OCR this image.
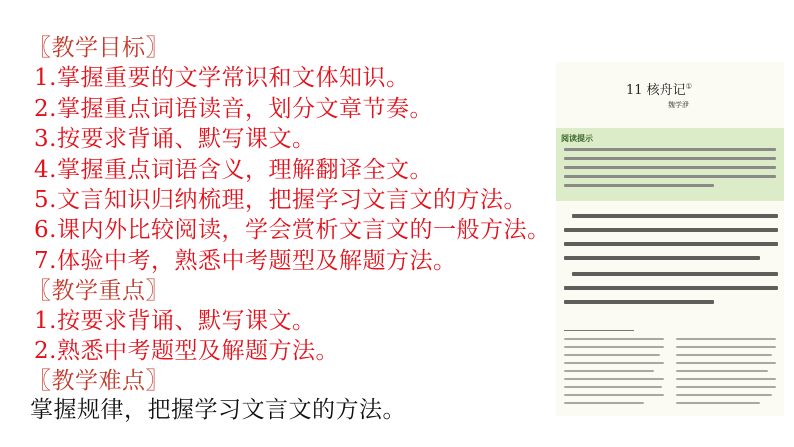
〖教学目标〗
1.掌握重要的文学常识和文体知识。
2.掌握重点词语读音，划分文章节奏。
3.按要求背诵、默写课文。
4.掌握重点词语含义，理解翻译全文。
5.文言知识归纳梳理，把握学习文言文的方法。
6.课内外比较阅读，学会赏析文言文的一般方法。
7.体验中考，熟悉中考题型及解题方法。
〖教学重点〗
1.按要求背诵、默写课文。
2.熟悉中考题型及解题方法。
〖教学难点〗
掌握规律，把握学习文言文的方法。
11 核舟记①
魏学洢
阅读提示
